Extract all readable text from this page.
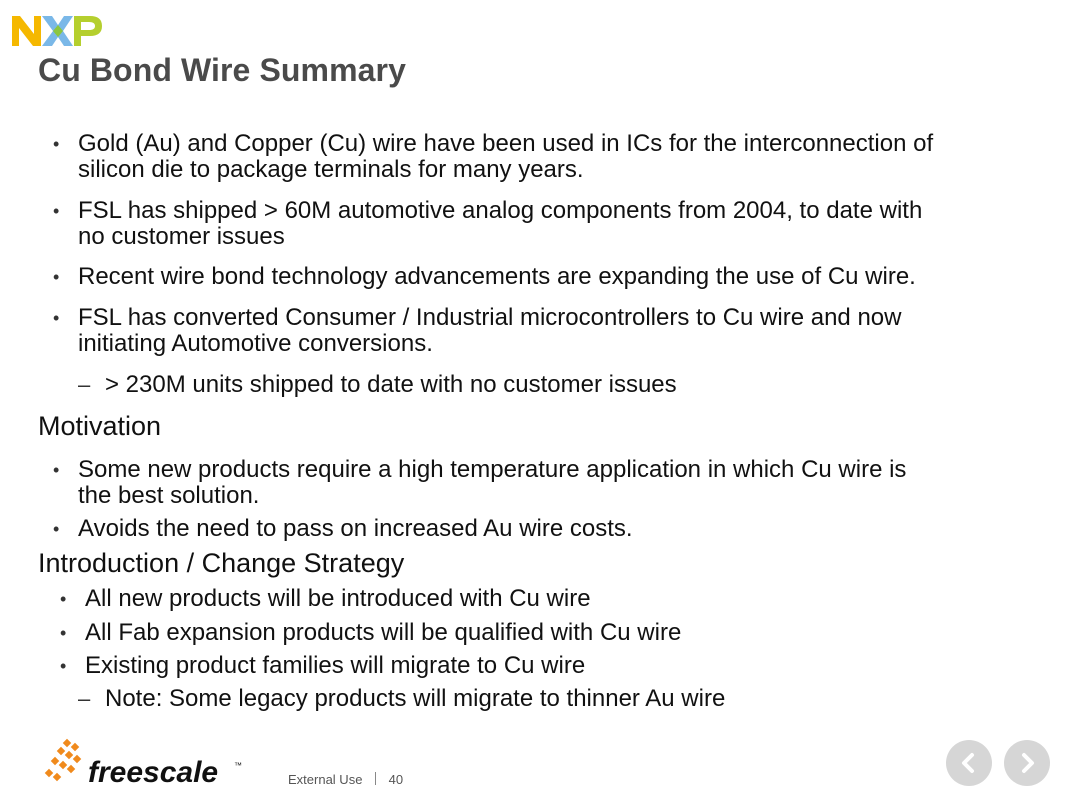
NXP
Cu Bond Wire Summary
• Gold (Au) and Copper (Cu) wire have been used in ICs for the interconnection of
silicon die to package terminals for many years.
• FSL has shipped > 60M automotive analog components from 2004, to date with
no customer issues
• Recent wire bond technology advancements are expanding the use of Cu wire.
• FSL has converted Consumer / Industrial microcontrollers to Cu wire and now
initiating Automotive conversions.
– > 230M units shipped to date with no customer issues
Motivation
• Some new products require a high temperature application in which Cu wire is
the best solution.
• Avoids the need to pass on increased Au wire costs.
Introduction / Change Strategy
• All new products will be introduced with Cu wire
• All Fab expansion products will be qualified with Cu wire
• Existing product families will migrate to Cu wire
– Note: Some legacy products will migrate to thinner Au wire
freescale ™
External Use 40
